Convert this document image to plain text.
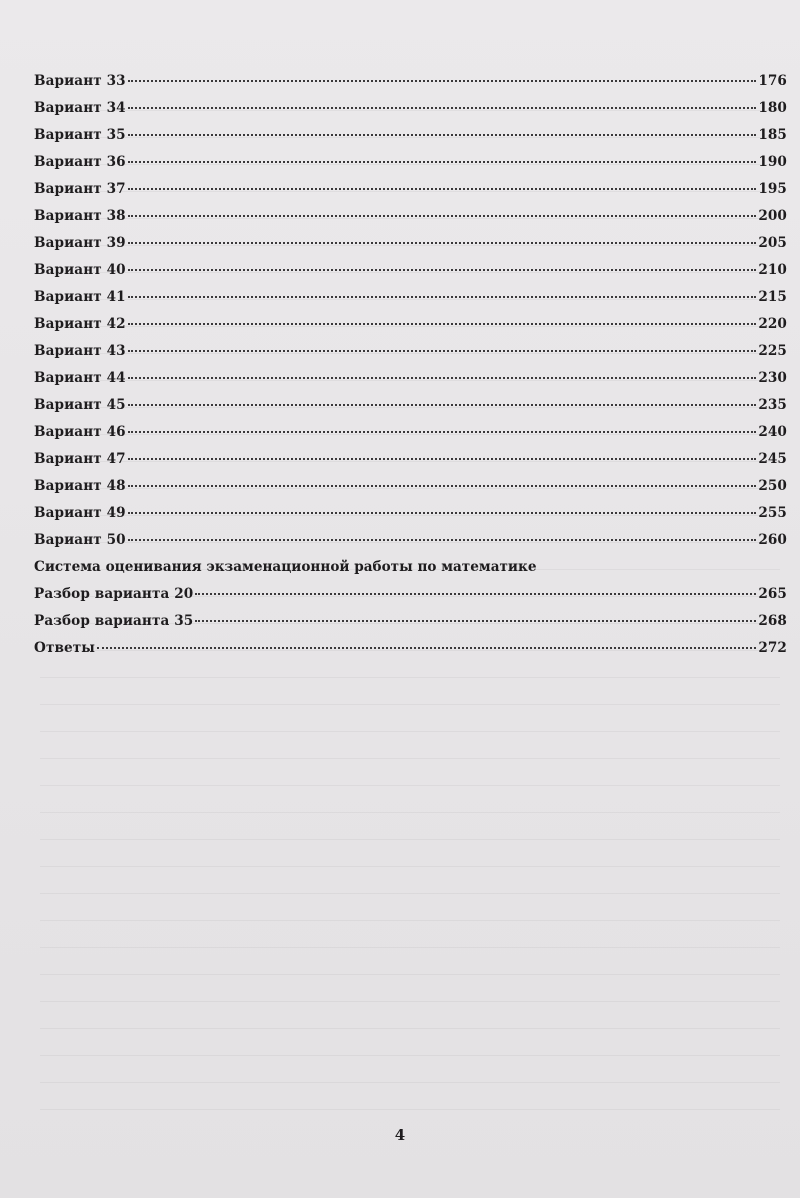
Вариант 33	176
Вариант 34	180
Вариант 35	185
Вариант 36	190
Вариант 37	195
Вариант 38	200
Вариант 39	205
Вариант 40	210
Вариант 41	215
Вариант 42	220
Вариант 43	225
Вариант 44	230
Вариант 45	235
Вариант 46	240
Вариант 47	245
Вариант 48	250
Вариант 49	255
Вариант 50	260
Система оценивания экзаменационной работы по математике
Разбор варианта 20	265
Разбор варианта 35	268
Ответы	272
4
